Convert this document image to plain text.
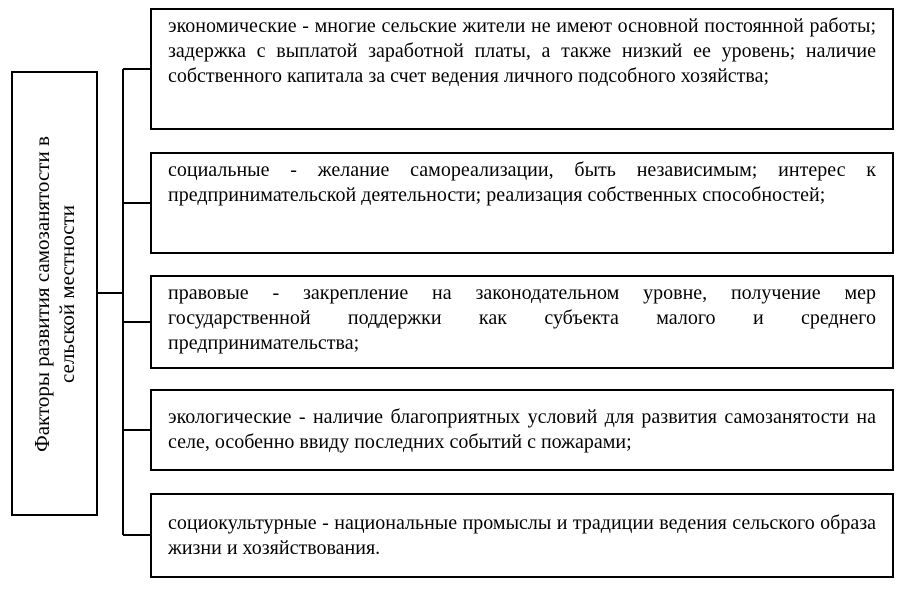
Факторы развития самозанятости в сельской местности

экономические - многие сельские жители не имеют основной постоянной работы; задержка с выплатой заработной платы, а также низкий ее уровень; наличие собственного капитала за счет ведения личного подсобного хозяйства;

социальные - желание самореализации, быть независимым; интерес к предпринимательской деятельности; реализация собственных способностей;

правовые - закрепление на законодательном уровне, получение мер государственной поддержки как субъекта малого и среднего предпринимательства;

экологические - наличие благоприятных условий для развития самозанятости на селе, особенно ввиду последних событий с пожарами;

социокультурные - национальные промыслы и традиции ведения сельского образа жизни и хозяйствования.
